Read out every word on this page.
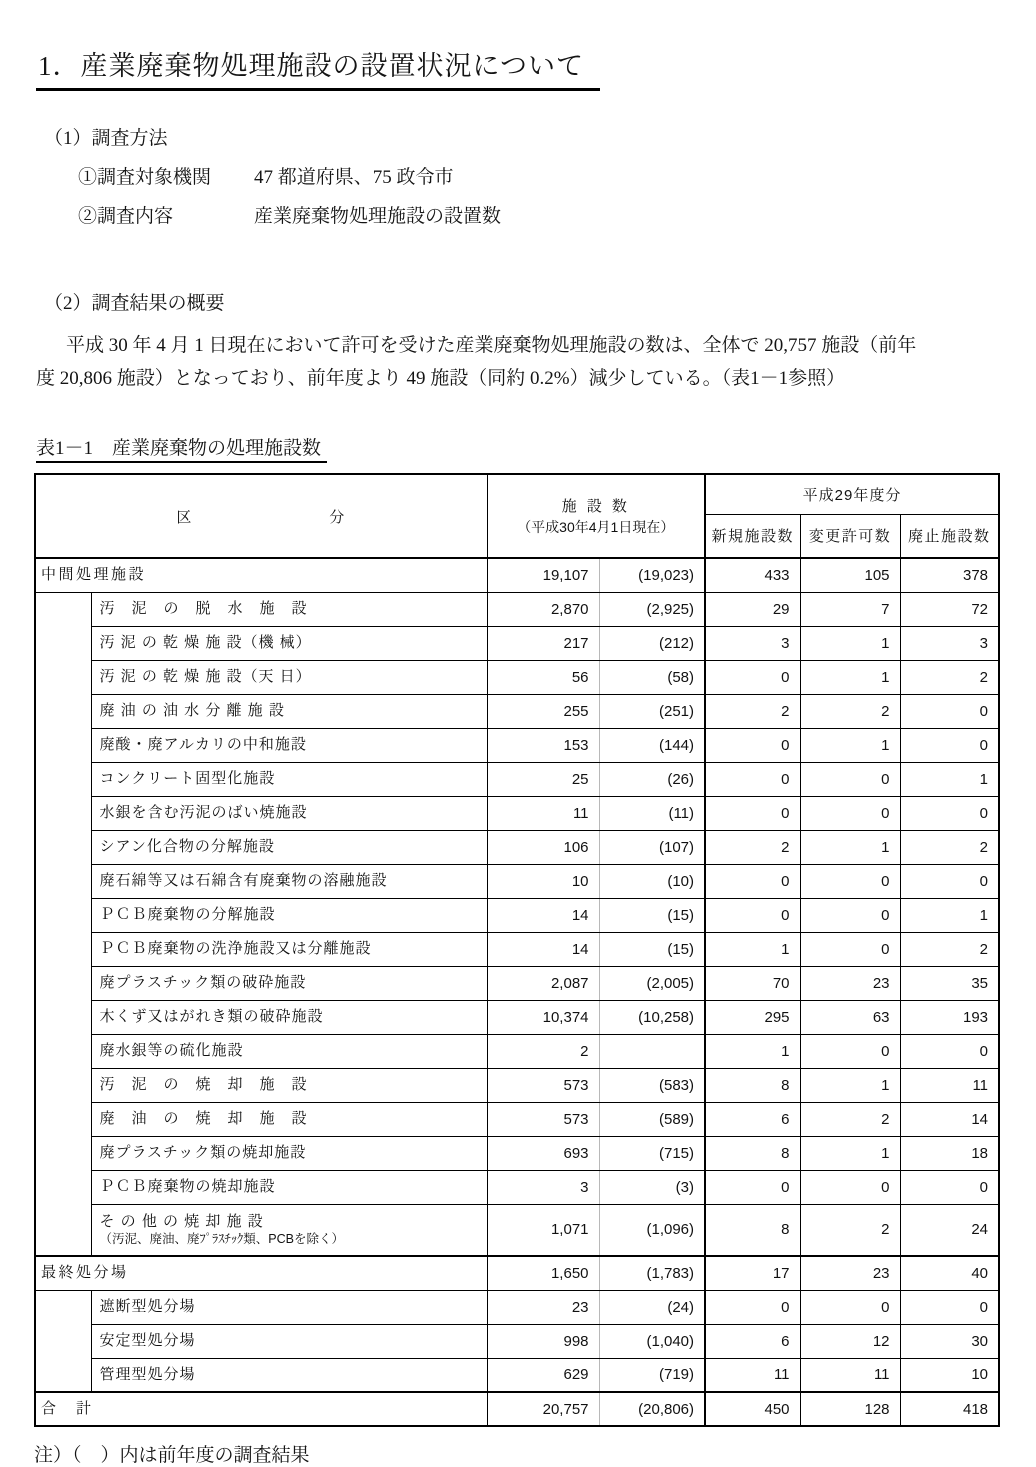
1．産業廃棄物処理施設の設置状況について
（1）調査方法
①調査対象機関	47 都道府県、75 政令市
②調査内容	産業廃棄物処理施設の設置数
（2）調査結果の概要
平成 30 年 4 月 1 日現在において許可を受けた産業廃棄物処理施設の数は、全体で 20,757 施設（前年
度 20,806 施設）となっており、前年度より 49 施設（同約 0.2%）減少している。（表1－1参照）
表1－1　産業廃棄物の処理施設数
区　　　　　　　　分		施 設 数
（平成30年4月1日現在）		平成29年度分		
				新規施設数	変更許可数	廃止施設数

中間処理施設		19,107	(19,023)	433	105	378

	汚　泥　の　脱　水　施　設	2,870	(2,925)	29	7	72

	汚 泥 の 乾 燥 施 設（機 械）	217	(212)	3	1	3

	汚 泥 の 乾 燥 施 設（天 日）	56	(58)	0	1	2

	廃 油 の 油 水 分 離 施 設	255	(251)	2	2	0

	廃酸・廃アルカリの中和施設	153	(144)	0	1	0

	コンクリート固型化施設	25	(26)	0	0	1

	水銀を含む汚泥のばい焼施設	11	(11)	0	0	0

	シアン化合物の分解施設	106	(107)	2	1	2

	廃石綿等又は石綿含有廃棄物の溶融施設	10	(10)	0	0	0

	ＰＣＢ廃棄物の分解施設	14	(15)	0	0	1

	ＰＣＢ廃棄物の洗浄施設又は分離施設	14	(15)	1	0	2

	廃プラスチック類の破砕施設	2,087	(2,005)	70	23	35

	木くず又はがれき類の破砕施設	10,374	(10,258)	295	63	193

	廃水銀等の硫化施設	2		1	0	0

	汚　泥　の　焼　却　施　設	573	(583)	8	1	11

	廃　油　の　焼　却　施　設	573	(589)	6	2	14

	廃プラスチック類の焼却施設	693	(715)	8	1	18

	ＰＣＢ廃棄物の焼却施設	3	(3)	0	0	0

	そ の 他 の 焼 却 施 設
（汚泥、廃油、廃ﾌﾟﾗｽﾁｯｸ類、PCBを除く）	1,071	(1,096)	8	2	24

最終処分場		1,650	(1,783)	17	23	40

	遮断型処分場	23	(24)	0	0	0

	安定型処分場	998	(1,040)	6	12	30

	管理型処分場	629	(719)	11	11	10

合　計		20,757	(20,806)	450	128	418
注）（　）内は前年度の調査結果
